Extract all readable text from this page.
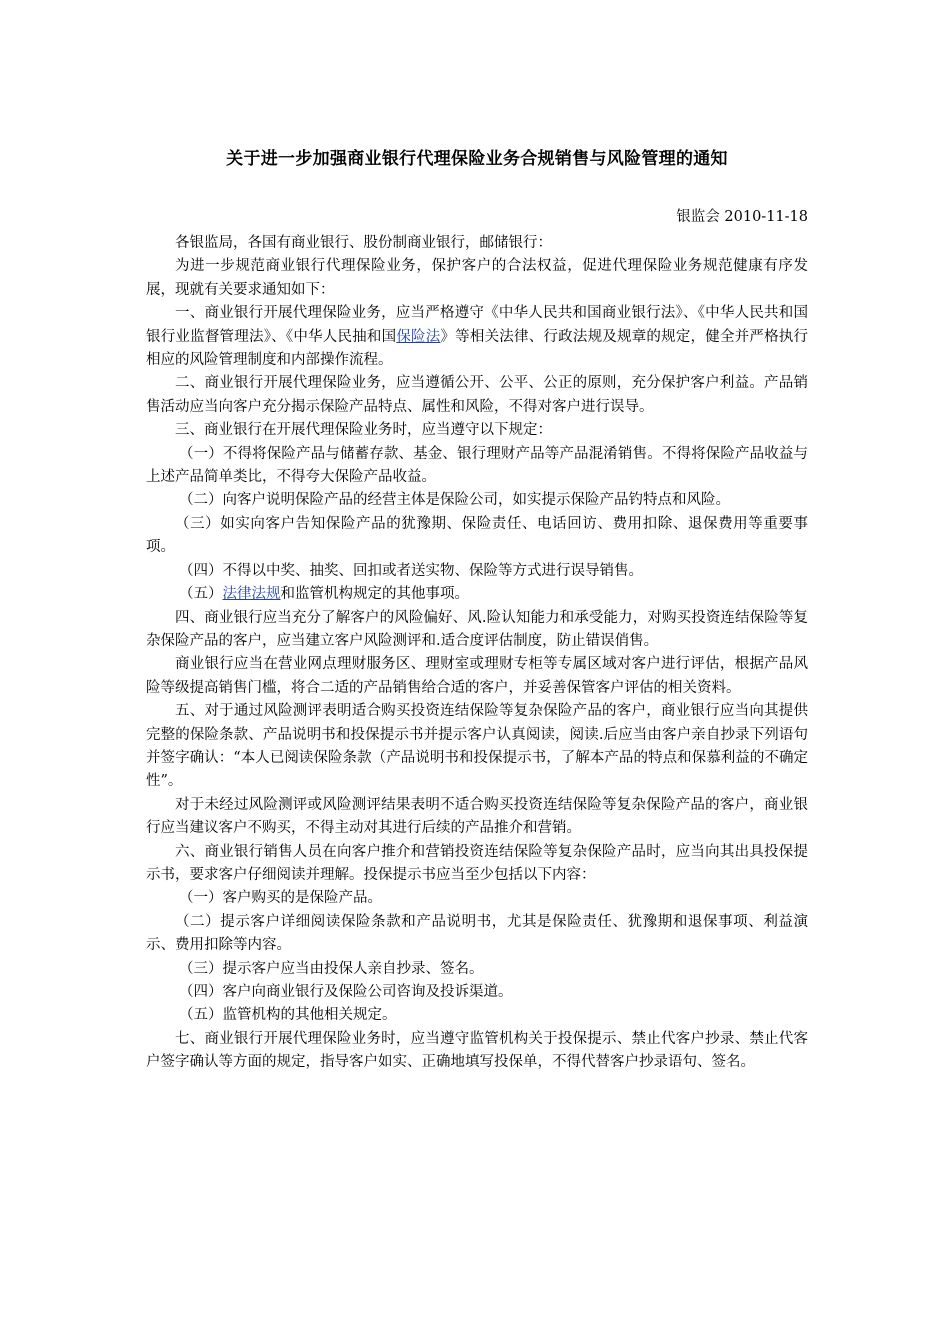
关于进一步加强商业银行代理保险业务合规销售与风险管理的通知
银监会 2010-11-18

各银监局，各国有商业银行、股份制商业银行，邮储银行：

为进一步规范商业银行代理保险业务，保护客户的合法权益，促进代理保险业务规范健康有序发展，现就有关要求通知如下：

一、商业银行开展代理保险业务，应当严格遵守《中华人民共和国商业银行法》、《中华人民共和国银行业监督管理法》、《中华人民抽和国保险法》等相关法律、行政法规及规章的规定，健全并严格执行相应的风险管理制度和内部操作流程。

二、商业银行开展代理保险业务，应当遵循公开、公平、公正的原则，充分保护客户利益。产品销售活动应当向客户充分揭示保险产品特点、属性和风险，不得对客户进行误导。

三、商业银行在开展代理保险业务时，应当遵守以下规定：

（一）不得将保险产品与储蓄存款、基金、银行理财产品等产品混淆销售。不得将保险产品收益与上述产品简单类比，不得夸大保险产品收益。

（二）向客户说明保险产品的经营主体是保险公司，如实提示保险产品钓特点和风险。

（三）如实向客户告知保险产品的犹豫期、保险责任、电话回访、费用扣除、退保费用等重要事项。

（四）不得以中奖、抽奖、回扣或者送实物、保险等方式进行误导销售。

（五）法律法规和监管机构规定的其他事项。

四、商业银行应当充分了解客户的风险偏好、风.险认知能力和承受能力，对购买投资连结保险等复杂保险产品的客户，应当建立客户风险测评和.适合度评估制度，防止错误俏售。

商业银行应当在营业网点理财服务区、理财室或理财专柜等专属区域对客户进行评估，根据产品风险等级提高销售门槛，将合二适的产品销售给合适的客户，并妥善保管客户评估的相关资料。

五、对于通过风险测评表明适合购买投资连结保险等复杂保险产品的客户，商业银行应当向其提供完整的保险条款、产品说明书和投保提示书并提示客户认真阅读，阅读.后应当由客户亲自抄录下列语句并签字确认：“本人已阅读保险条款（产品说明书和投保提示书，了解本产品的特点和保慕利益的不确定性”。

对于未经过风险测评或风险测评结果表明不适合购买投资连结保险等复杂保险产品的客户，商业银行应当建议客户不购买，不得主动对其进行后续的产品推介和营销。

六、商业银行销售人员在向客户推介和营销投资连结保险等复杂保险产品时，应当向其出具投保提示书，要求客户仔细阅读并理解。投保提示书应当至少包括以下内容：

（一）客户购买的是保险产品。

（二）提示客户详细阅读保险条款和产品说明书，尤其是保险责任、犹豫期和退保事项、利益演示、费用扣除等内容。

（三）提示客户应当由投保人亲自抄录、签名。

（四）客户向商业银行及保险公司咨询及投诉渠道。

（五）监管机构的其他相关规定。

七、商业银行开展代理保险业务时，应当遵守监管机构关于投保提示、禁止代客户抄录、禁止代客户签字确认等方面的规定，指导客户如实、正确地填写投保单，不得代替客户抄录语句、签名。
